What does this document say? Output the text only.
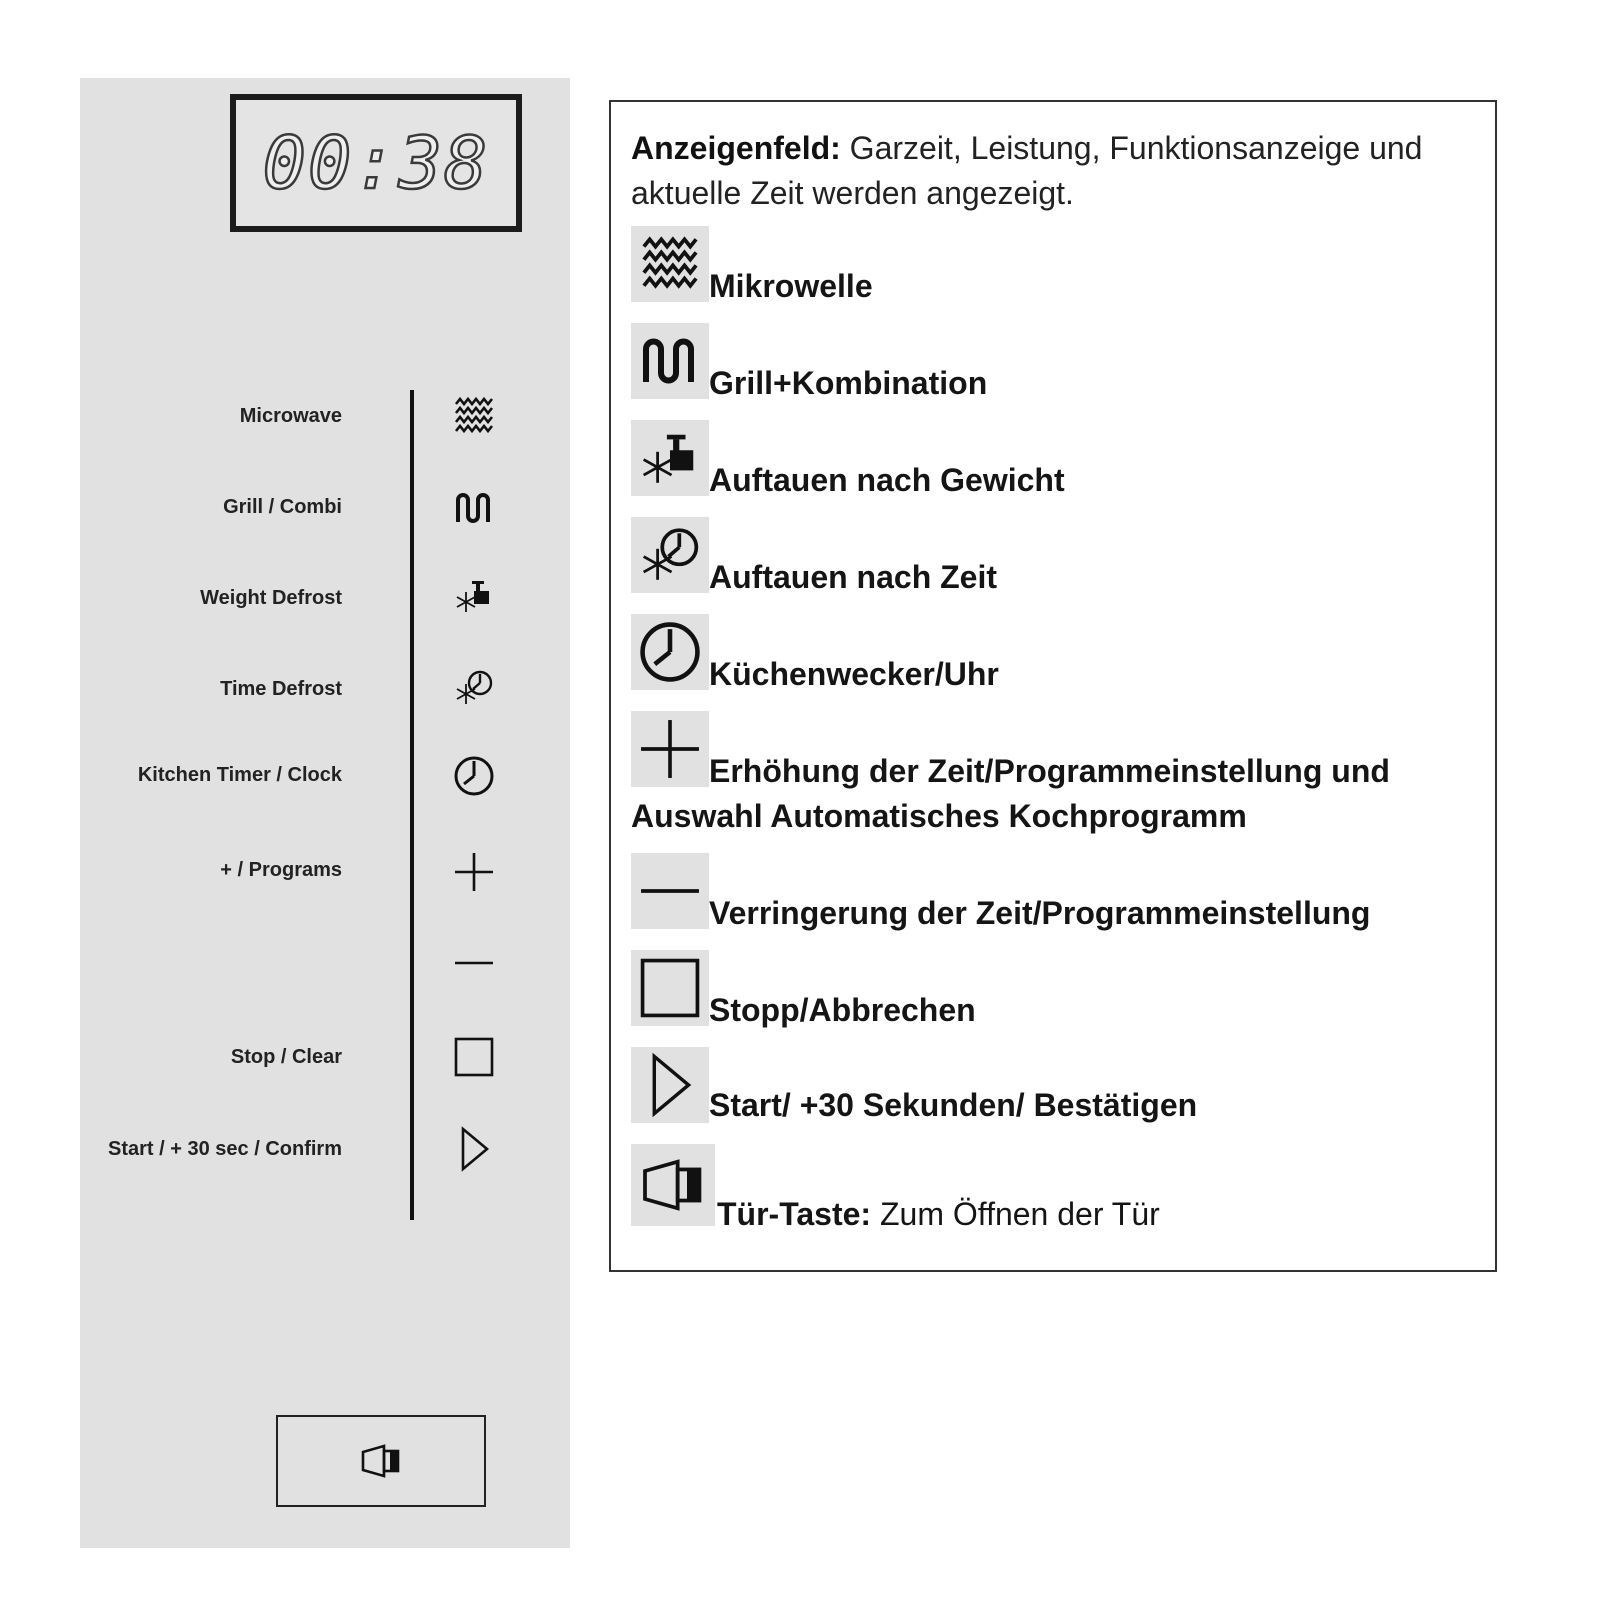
00:38
Microwave
Grill / Combi
Weight Defrost
Time Defrost
Kitchen Timer / Clock
+ / Programs
Stop / Clear
Start / + 30 sec / Confirm
Anzeigenfeld: Garzeit, Leistung, Funktionsanzeige und aktuelle Zeit werden angezeigt.
Mikrowelle
Grill+Kombination
Auftauen nach Gewicht
Auftauen nach Zeit
Küchenwecker/Uhr
Erhöhung der Zeit/Programmeinstellung und Auswahl Automatisches Kochprogramm
Verringerung der Zeit/Programmeinstellung
Stopp/Abbrechen
Start/ +30 Sekunden/ Bestätigen
Tür-Taste: Zum Öffnen der Tür
